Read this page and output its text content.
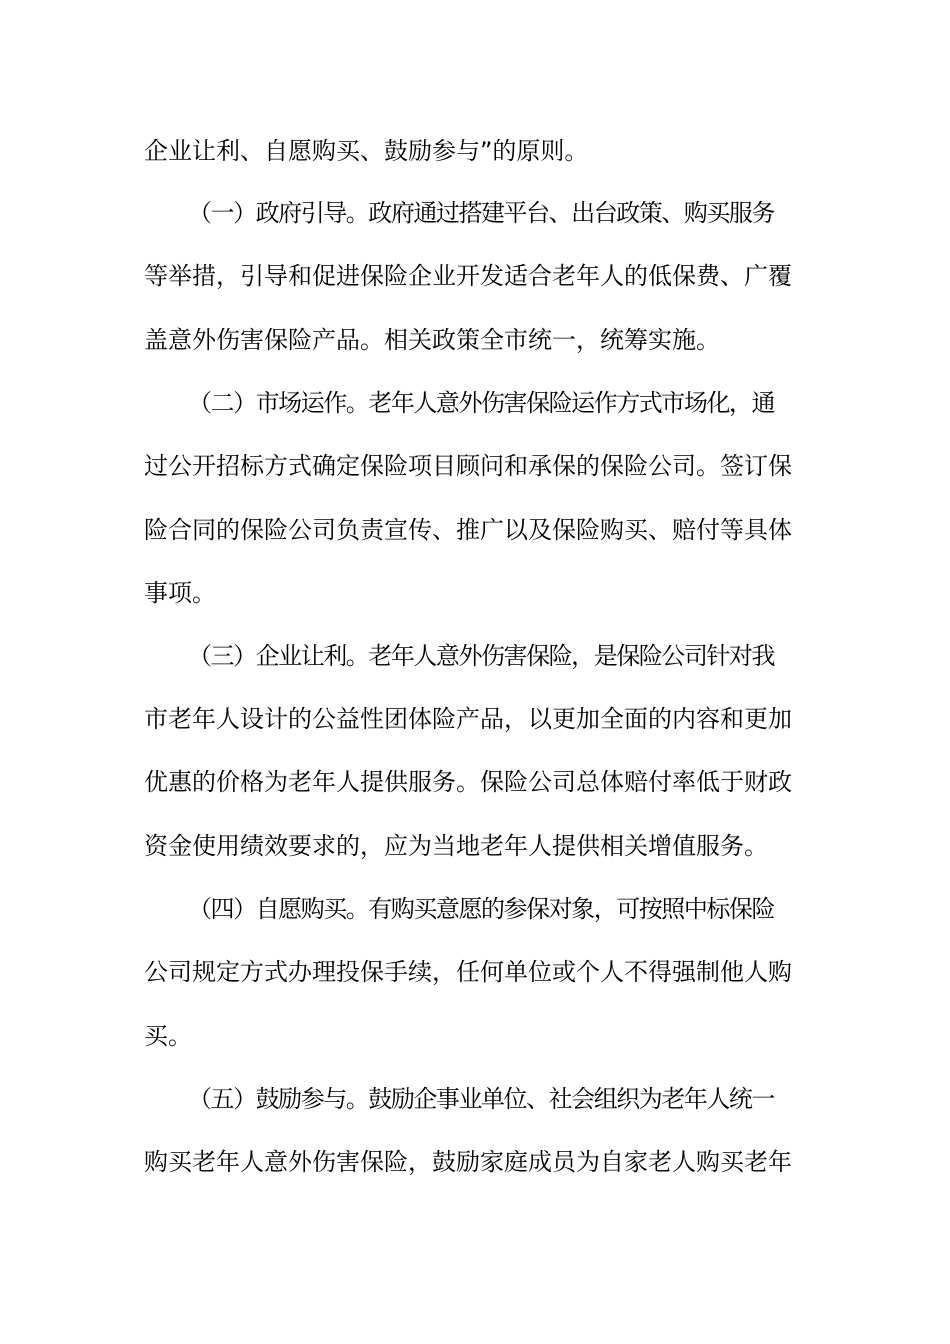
企业让利、自愿购买、鼓励参与”的原则。
（一）政府引导。政府通过搭建平台、出台政策、购买服务
等举措，引导和促进保险企业开发适合老年人的低保费、广覆
盖意外伤害保险产品。相关政策全市统一，统筹实施。
（二）市场运作。老年人意外伤害保险运作方式市场化，通
过公开招标方式确定保险项目顾问和承保的保险公司。签订保
险合同的保险公司负责宣传、推广以及保险购买、赔付等具体
事项。
（三）企业让利。老年人意外伤害保险，是保险公司针对我
市老年人设计的公益性团体险产品，以更加全面的内容和更加
优惠的价格为老年人提供服务。保险公司总体赔付率低于财政
资金使用绩效要求的，应为当地老年人提供相关增值服务。
（四）自愿购买。有购买意愿的参保对象，可按照中标保险
公司规定方式办理投保手续，任何单位或个人不得强制他人购
买。
（五）鼓励参与。鼓励企事业单位、社会组织为老年人统一
购买老年人意外伤害保险，鼓励家庭成员为自家老人购买老年
